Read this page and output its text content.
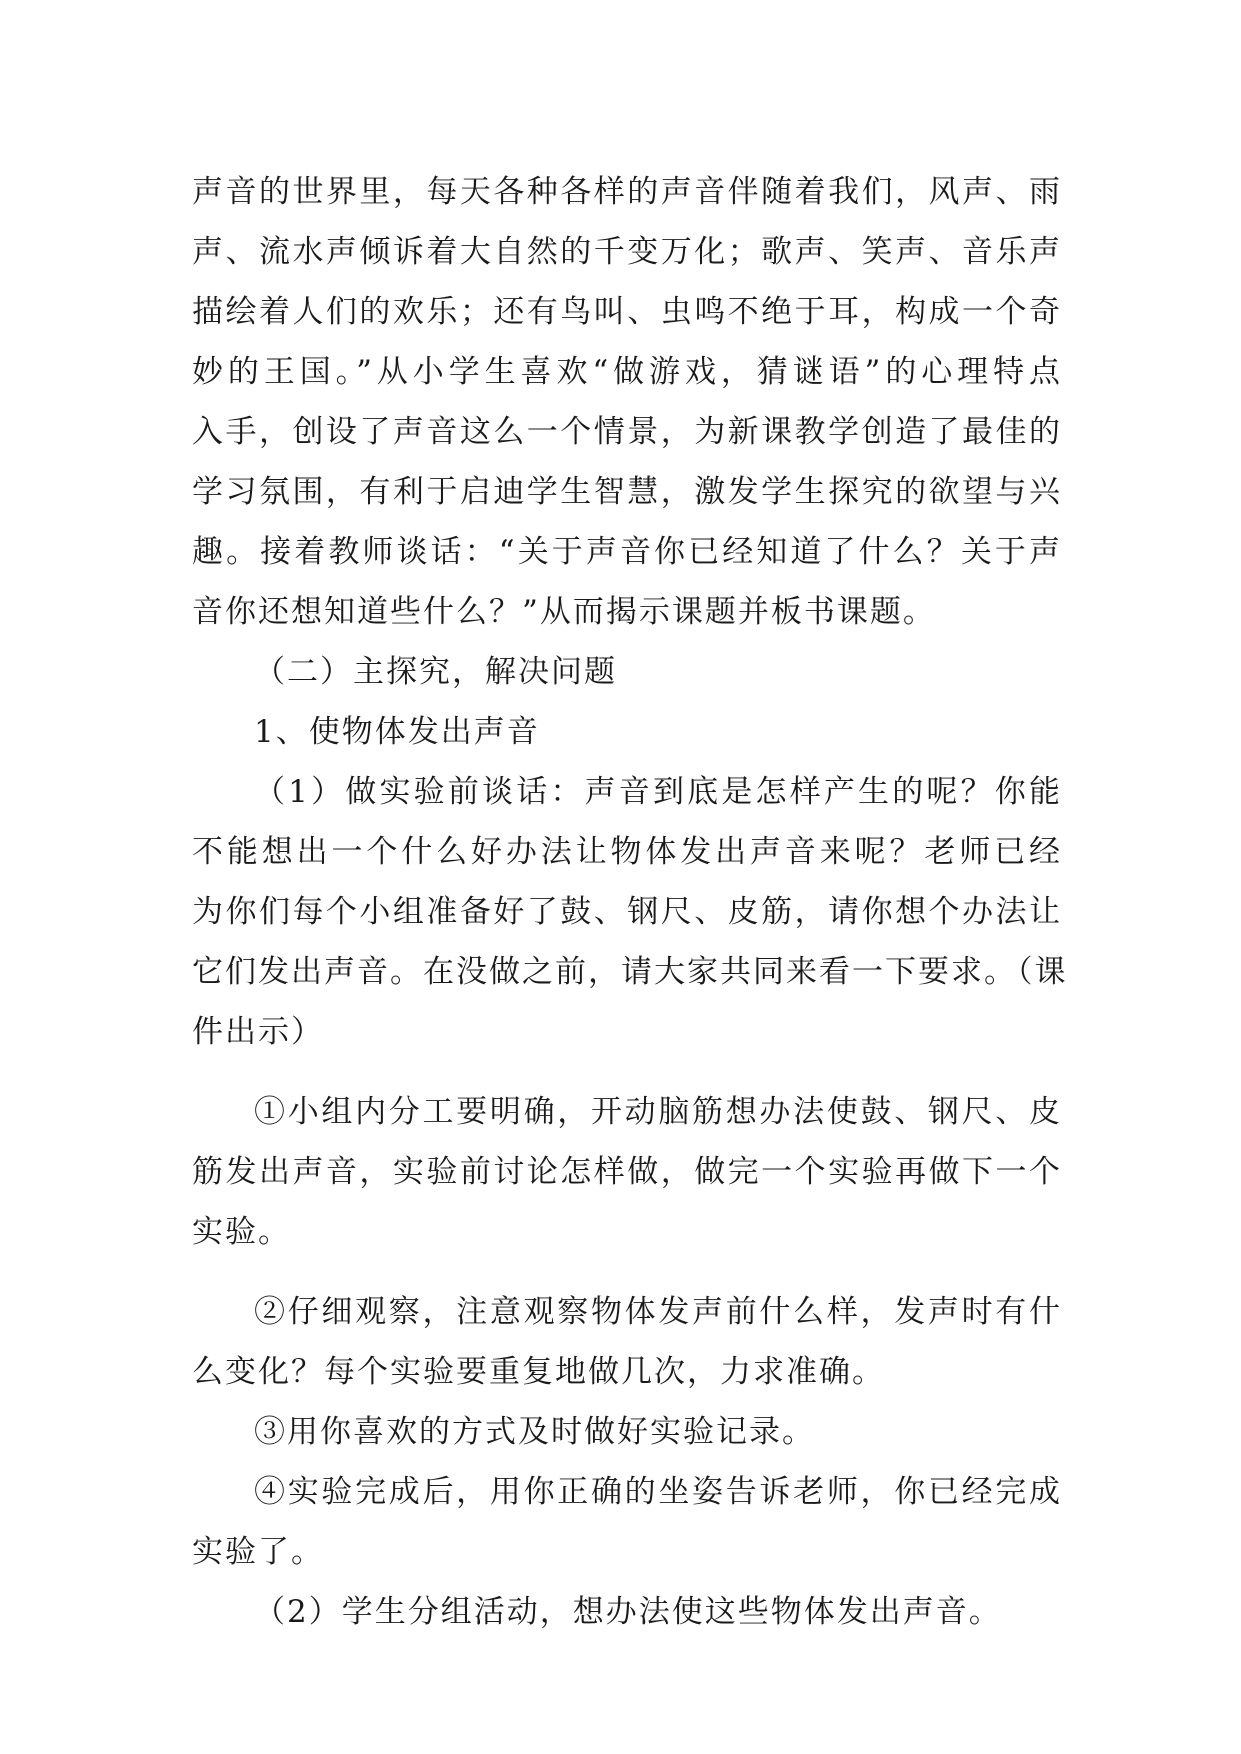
声音的世界里，每天各种各样的声音伴随着我们，风声、雨
声、流水声倾诉着大自然的千变万化；歌声、笑声、音乐声
描绘着人们的欢乐；还有鸟叫、虫鸣不绝于耳，构成一个奇
妙的王国。”从小学生喜欢“做游戏，猜谜语”的心理特点
入手，创设了声音这么一个情景，为新课教学创造了最佳的
学习氛围，有利于启迪学生智慧，激发学生探究的欲望与兴
趣。接着教师谈话：“关于声音你已经知道了什么？关于声
音你还想知道些什么？”从而揭示课题并板书课题。
（二）主探究，解决问题
1、使物体发出声音
（1）做实验前谈话：声音到底是怎样产生的呢？你能
不能想出一个什么好办法让物体发出声音来呢？老师已经
为你们每个小组准备好了鼓、钢尺、皮筋，请你想个办法让
它们发出声音。在没做之前，请大家共同来看一下要求。（课
件出示）
①小组内分工要明确，开动脑筋想办法使鼓、钢尺、皮
筋发出声音，实验前讨论怎样做，做完一个实验再做下一个
实验。
②仔细观察，注意观察物体发声前什么样，发声时有什
么变化？每个实验要重复地做几次，力求准确。
③用你喜欢的方式及时做好实验记录。
④实验完成后，用你正确的坐姿告诉老师，你已经完成
实验了。
（2）学生分组活动，想办法使这些物体发出声音。
